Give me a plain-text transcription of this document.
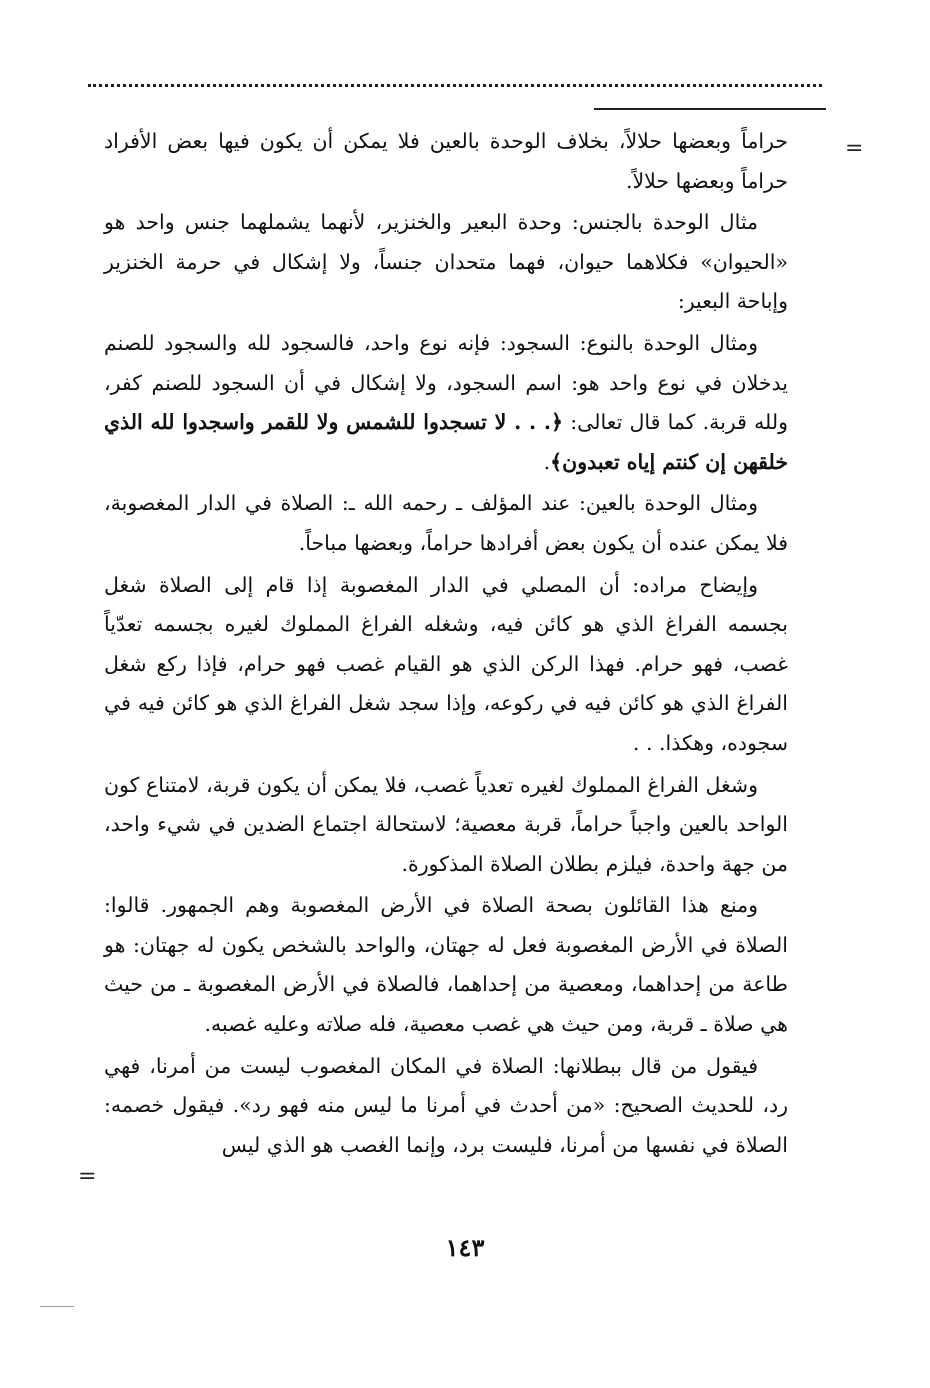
=

حراماً وبعضها حلالاً، بخلاف الوحدة بالعين فلا يمكن أن يكون فيها بعض الأفراد حراماً وبعضها حلالاً.

مثال الوحدة بالجنس: وحدة البعير والخنزير، لأنهما يشملهما جنس واحد هو «الحيوان» فكلاهما حيوان، فهما متحدان جنساً، ولا إشكال في حرمة الخنزير وإباحة البعير:

ومثال الوحدة بالنوع: السجود: فإنه نوع واحد، فالسجود لله والسجود للصنم يدخلان في نوع واحد هو: اسم السجود، ولا إشكال في أن السجود للصنم كفر، ولله قربة. كما قال تعالى: ﴿. . . لا تسجدوا للشمس ولا للقمر واسجدوا لله الذي خلقهن إن كنتم إياه تعبدون﴾.

ومثال الوحدة بالعين: عند المؤلف ـ رحمه الله ـ: الصلاة في الدار المغصوبة، فلا يمكن عنده أن يكون بعض أفرادها حراماً، وبعضها مباحاً.

وإيضاح مراده: أن المصلي في الدار المغصوبة إذا قام إلى الصلاة شغل بجسمه الفراغ الذي هو كائن فيه، وشغله الفراغ المملوك لغيره بجسمه تعدّياً غصب، فهو حرام. فهذا الركن الذي هو القيام غصب فهو حرام، فإذا ركع شغل الفراغ الذي هو كائن فيه في ركوعه، وإذا سجد شغل الفراغ الذي هو كائن فيه في سجوده، وهكذا. . .

وشغل الفراغ المملوك لغيره تعدياً غصب، فلا يمكن أن يكون قربة، لامتناع كون الواحد بالعين واجباً حراماً، قربة معصية؛ لاستحالة اجتماع الضدين في شيء واحد، من جهة واحدة، فيلزم بطلان الصلاة المذكورة.

ومنع هذا القائلون بصحة الصلاة في الأرض المغصوبة وهم الجمهور. قالوا: الصلاة في الأرض المغصوبة فعل له جهتان، والواحد بالشخص يكون له جهتان: هو طاعة من إحداهما، ومعصية من إحداهما، فالصلاة في الأرض المغصوبة ـ من حيث هي صلاة ـ قربة، ومن حيث هي غصب معصية، فله صلاته وعليه غصبه.

فيقول من قال ببطلانها: الصلاة في المكان المغصوب ليست من أمرنا، فهي رد، للحديث الصحيح: «من أحدث في أمرنا ما ليس منه فهو رد». فيقول خصمه: الصلاة في نفسها من أمرنا، فليست برد، وإنما الغصب هو الذي ليس

=
١٤٣
